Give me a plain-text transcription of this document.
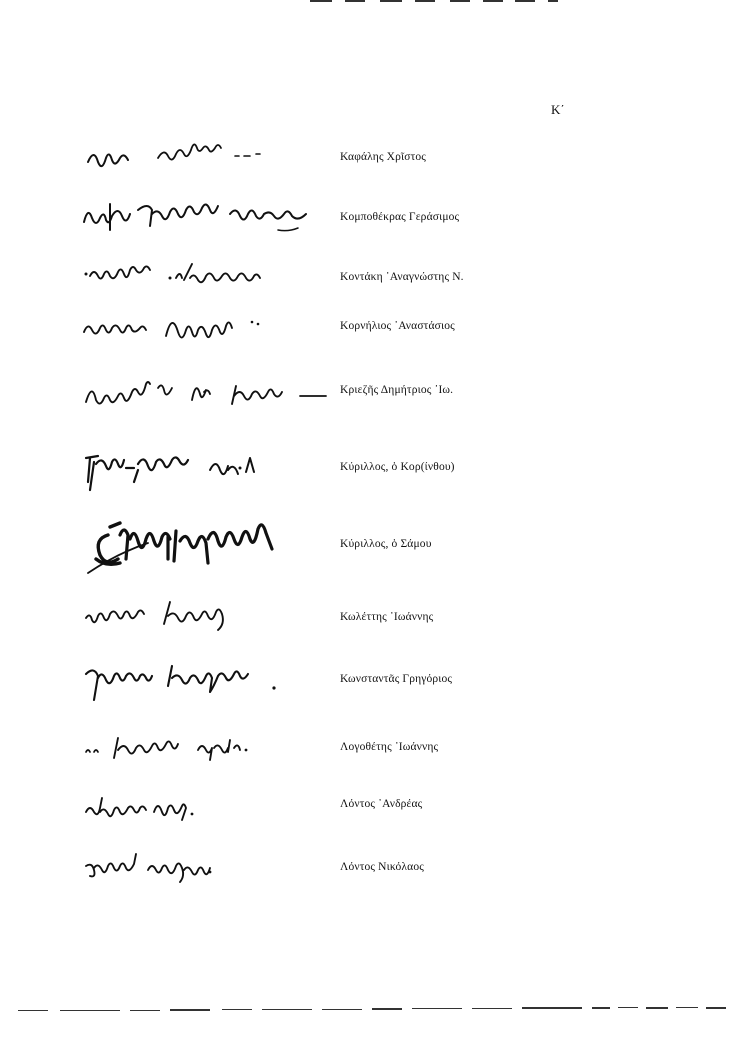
Κ΄
Καφάλης Χρῖστος
Κομποθέκρας Γεράσιμος
Κοντάκη ᾿Αναγνώστης Ν.
Κορνήλιος ᾿Αναστάσιος
Κριεζῆς Δημήτριος ᾿Ιω.
Κύριλλος, ὁ Κορ(ίνθου)
Κύριλλος, ὁ Σάμου
Κωλέττης ᾿Ιωάννης
Κωνσταντᾶς Γρηγόριος
Λογοθέτης ᾿Ιωάννης
Λόντος ᾿Ανδρέας
Λόντος Νικόλαος
